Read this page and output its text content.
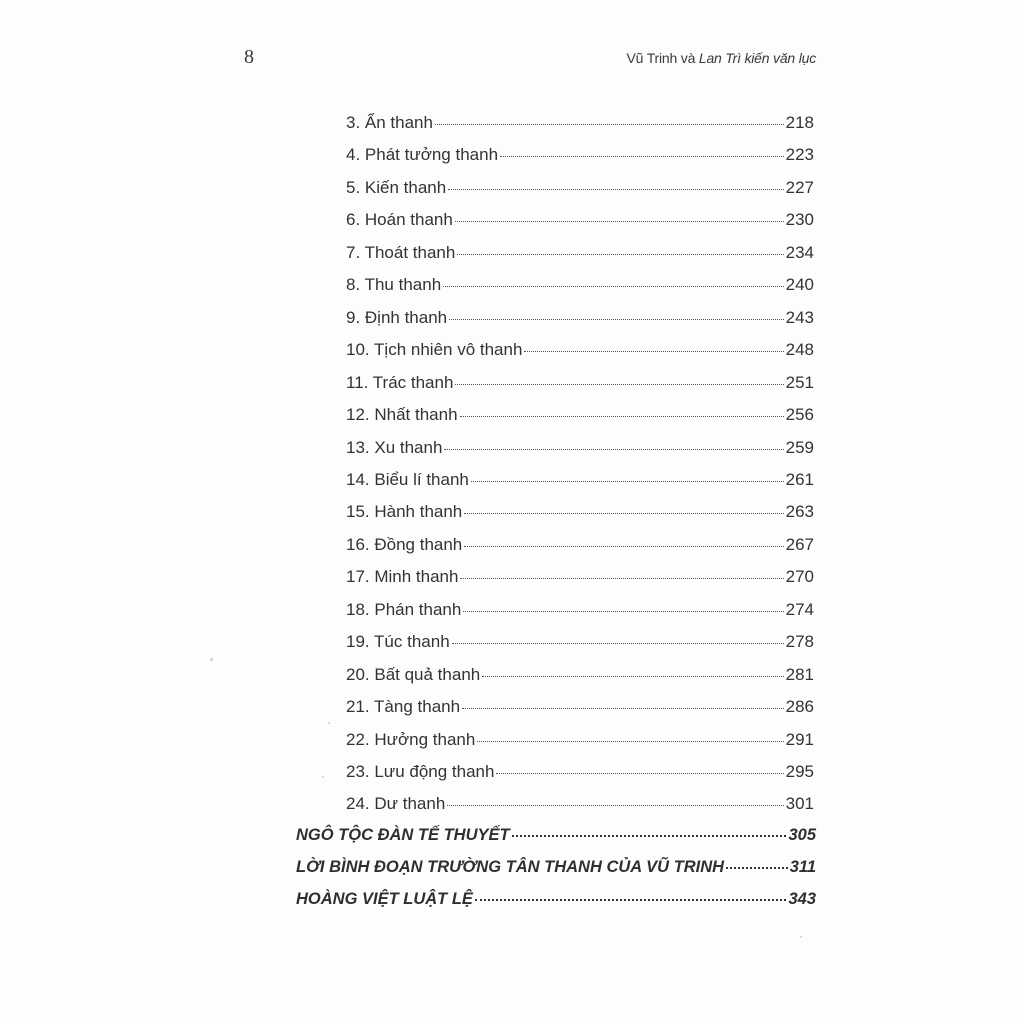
8	Vũ Trinh và Lan Trì kiến văn lục
3. Ẩn thanh	218
4. Phát tưởng thanh	223
5. Kiến thanh	227
6. Hoán thanh	230
7. Thoát thanh	234
8. Thu thanh	240
9. Định thanh	243
10. Tịch nhiên vô thanh	248
11. Trác thanh	251
12. Nhất thanh	256
13. Xu thanh	259
14. Biểu lí thanh	261
15. Hành thanh	263
16. Đồng thanh	267
17. Minh thanh	270
18. Phán thanh	274
19. Túc thanh	278
20. Bất quả thanh	281
21. Tàng thanh	286
22. Hưởng thanh	291
23. Lưu động thanh	295
24. Dư thanh	301
NGÔ TỘC ĐÀN TẾ THUYẾT	305
LỜI BÌNH ĐOẠN TRƯỜNG TÂN THANH CỦA VŨ TRINH	311
HOÀNG VIỆT LUẬT LỆ	343
